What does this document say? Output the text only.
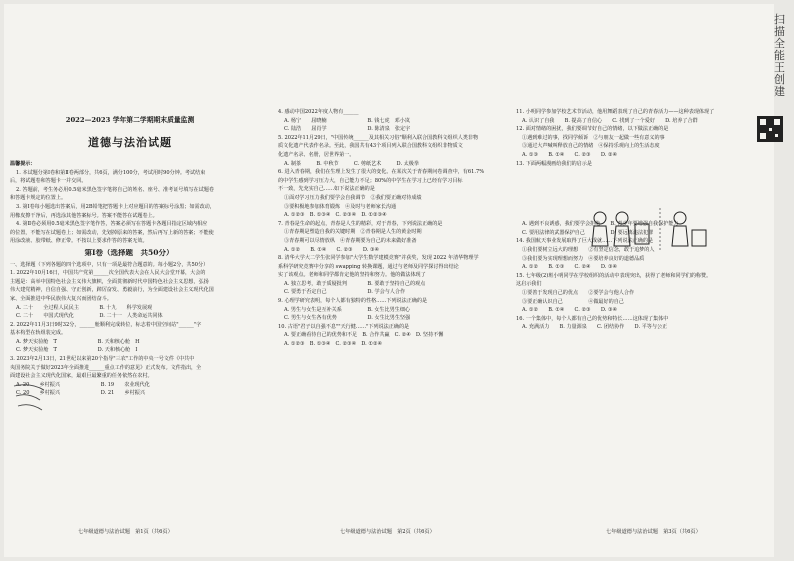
扫描全能王 创建
2022—2023 学年第二学期期末质量监测
道德与法治试题

温馨提示：

1. 本试题分第Ⅰ卷和第Ⅱ卷两部分，共6页，满分100分，考试用时90分钟。考试结束

后，将试题卷和答题卡一并交回。

2. 答题前，考生务必用0.5毫米黑色签字笔将自己的姓名、座号、准考证号填写在试题卷

和答题卡规定的位置上。

3. 第Ⅰ卷每小题选出答案后，用2B铅笔把答题卡上对应题目的答案标号涂黑；如需改动，

用橡皮擦干净后，再选涂其他答案标号。答案不能答在试题卷上。

4. 第Ⅱ卷必须用0.5毫米黑色签字笔作答，答案必须写在答题卡各题目指定区域内相应

的位置，不能写在试题卷上；如需改动，先划掉原来的答案，然后再写上新的答案；不能使

用涂改液、胶带纸、修正带。不按以上要求作答的答案无效。

第Ⅰ卷（选择题　共50分）

一、选择题（下列各题的四个选项中，只有一项是最符合题意的。每小题2分，共50分）

1. 2022年10月16日，中国共产党第______次全国代表大会在人民大会堂开幕，大会的

主题是：高举中国特色社会主义伟大旗帜，全面贯彻新时代中国特色社会主义思想，弘扬

伟大建党精神，自信自强、守正创新，踔厉奋发、勇毅前行，为全面建设社会主义现代化国

家、全面推进中华民族伟大复兴而团结奋斗。

A. 二十　　全过程人民民主　　　　B. 十九　　科学发展观

C. 二十　　中国式现代化　　　　　D. 二十一　人类命运共同体

2. 2022年11月3日9时32分，______舱顺利完成转位，标志着中国空间站"______"字

基本构型在轨组装完成。

A. 梦天实验舱　T　　　　　　　　B. 天和核心舱　H

C. 梦天实验舱　T　　　　　　　　D. 天和核心舱　I

3. 2023年2月13日，21世纪以来第20个指导"三农"工作的中央一号文件《中共中

央国务院关于做好2023年全面推进______重点工作的意见》正式发布。文件指出，全

面建设社会主义现代化国家，最艰巨最繁重的任务依然在农村。

A. 20　　乡村振兴　　　　　　　　B. 19　　农业现代化

C. 20　　乡村振兴　　　　　　　　D. 21　　乡村振兴

4. 感动中国2022年度人物有______

A. 杨宁　　屈晓楠　　　　　　　　B. 钱七虎　邓小岚

C. 陆浩　　屈肖学　　　　　　　　D. 陈清泉　张定宇

5. 2022年11月29日，"中国传统______及其相关习俗"顺利入联合国教科文组织人类非物

质文化遗产代表作名录。至此，我国共有43个项目列入联合国教科文组织非物质文

化遗产名录、名册，居世界第一。

A. 制茶　　　B. 中秋节　　　C. 剪纸艺术　　　D. 太极拳

6. 进入青春期，我们在生理上发生了很大的变化。在某次关于青春期问卷调查中，有61.7%

的中学生感到学习压力大，自己能力不足；80%的中学生在学习上已经有学习目标

不一致，先充实自己……如下说法正确的是

①面对学习压力我们要学会自我调节　②我们要正确对待成绩

③要积极地参加体育锻炼　④及时与老师家长沟通

A. ①②③　B. ①③④　C. ②③④　D. ①②③④

7. 青春是生命的起点，青春是人生的精彩，对于青春，下列说法正确的是

①青春期是塑造自我的关键时期　②青春期是人生的黄金时期

③青春期可以尽情放纵　④青春期要为自己的未来做好准备

A. ①②　　B. ①④　　C. ②③　　D. ③④

8. 清华大学大二学生张同学参加"大学生数学建模竞赛"并获奖，发现 2022 年清华物理学

系科学研究竞赛中分享的 swapping 转换课题，通过与老师及同学探讨得出结论

实了该观点。老师和同学都肯定他的坚持和努力。他的做法体现了

A. 独立思考，敢于质疑批判　　　　B. 要敢于坚持自己的观点

C. 要勇于否定自己　　　　　　　　D. 学会与人合作

9. 心理学研究表明，每个人都有独特的性格……下列说法正确的是

A. 男生与女生是互补关系　　　　　B. 女生比男生细心

C. 男生与女生各有优势　　　　　　D. 女生比男生坚强

10. 古语"君子以自强不息""天行健……"下列说法正确的是

A. 要正确看待自己的优势和不足　B. 合作共赢　C. ②④　D. 坚持不懈

A. ①②③　B. ①③④　C. ②③④　D. ①②④

11. 小明同学参加学校艺术节活动，他用舞蹈表现了自己的青春活力——这种表现体现了

A. 认识了自我　　B. 提高了自信心　　C. 找到了一个爱好　　D. 培养了合群

12. 面对情绪的困扰，我们要调节好自己的情绪，以下做法正确的是

①遇到难过的事，找同学倾诉　②与朋友一起做一些有意义的事

③通过大声喊叫释放自己的情绪　④保持乐观向上的生活态度

A. ①③　　B. ①④　　C. ②③　　D. ②④

13. 下面两幅漫画给我们的启示是

A. 遇到不良诱惑，我们要学会拒绝　　B. 青少年要增强自我保护能力

C. 要用法律的武器保护自己　　　　　D. 要远离违法犯罪

14. 我国航天事业发展取得了巨大成就……下列说法正确的是

①我们要树立远大的理想　　②有坚定信念，敢于追梦的人

③我们要为实现理想而努力　④要培养良好的道德品质

A. ①②　　B. ①③　　C. ②④　　D. ③④

15. 七年级(2)班小明同学在学校组织的活动中表现突出，获得了老师和同学们的称赞。

这启示我们

①要善于发现自己的优点　　②要学会与他人合作

③要正确认识自己　　　　　④做最好的自己

A. ①②　　B. ①④　　C. ②③　　D. ③④

16. 一个集体中，每个人都有自己的优势和特长……这体现了集体中

A. 充满活力　　B. 力量源泉　　C. 团结协作　　D. 平等与公正

七年级道德与法治试题　第1页（共6页）	七年级道德与法治试题　第2页（共6页）	七年级道德与法治试题　第3页（共6页）
